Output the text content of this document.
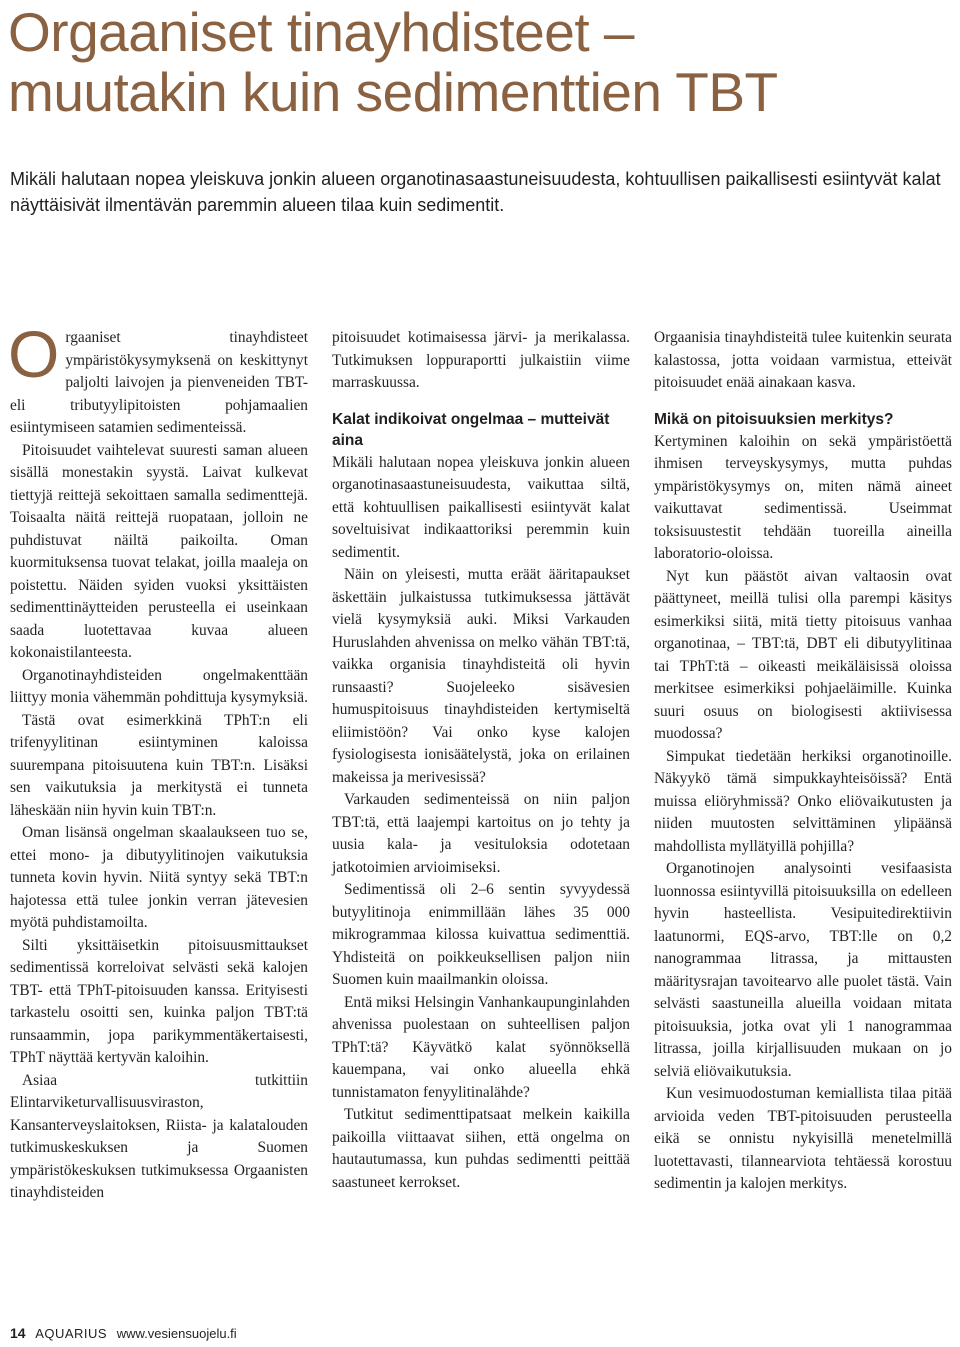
Orgaaniset tinayhdisteet –
muutakin kuin sedimenttien TBT

Mikäli halutaan nopea yleiskuva jonkin alueen organotinasaastuneisuudesta, kohtuullisen paikallisesti esiintyvät kalat näyttäisivät ilmentävän paremmin alueen tilaa kuin sedimentit.

Orgaaniset tinayhdisteet ympäristökysymyksenä on keskittynyt paljolti laivojen ja pienveneiden TBT- eli tributyylipitoisten pohjamaalien esiintymiseen satamien sedimenteissä.

Pitoisuudet vaihtelevat suuresti saman alueen sisällä monestakin syystä. Laivat kulkevat tiettyjä reittejä sekoittaen samalla sedimenttejä. Toisaalta näitä reittejä ruopataan, jolloin ne puhdistuvat näiltä paikoilta. Oman kuormituksensa tuovat telakat, joilla maaleja on poistettu. Näiden syiden vuoksi yksittäisten sedimenttinäytteiden perusteella ei useinkaan saada luotettavaa kuvaa alueen kokonaistilanteesta.

Organotinayhdisteiden ongelmakenttään liittyy monia vähemmän pohdittuja kysymyksiä.

Tästä ovat esimerkkinä TPhT:n eli trifenyylitinan esiintyminen kaloissa suurempana pitoisuutena kuin TBT:n. Lisäksi sen vaikutuksia ja merkitystä ei tunneta läheskään niin hyvin kuin TBT:n.

Oman lisänsä ongelman skaalaukseen tuo se, ettei mono- ja dibutyylitinojen vaikutuksia tunneta kovin hyvin. Niitä syntyy sekä TBT:n hajotessa että tulee jonkin verran jätevesien myötä puhdistamoilta.

Silti yksittäisetkin pitoisuusmittaukset sedimentissä korreloivat selvästi sekä kalojen TBT- että TPhT-pitoisuuden kanssa. Erityisesti tarkastelu osoitti sen, kuinka paljon TBT:tä runsaammin, jopa parikymmentäkertaisesti, TPhT näyttää kertyvän kaloihin.

Asiaa tutkittiin Elintarviketurvallisuusviraston, Kansanterveyslaitoksen, Riista- ja kalatalouden tutkimuskeskuksen ja Suomen ympäristökeskuksen tutkimuksessa Orgaanisten tinayhdisteiden

pitoisuudet kotimaisessa järvi- ja merikalassa. Tutkimuksen loppuraportti julkaistiin viime marraskuussa.

Kalat indikoivat ongelmaa – mutteivät aina

Mikäli halutaan nopea yleiskuva jonkin alueen organotinasaastuneisuudesta, vaikuttaa siltä, että kohtuullisen paikallisesti esiintyvät kalat soveltuisivat indikaattoriksi peremmin kuin sedimentit.

Näin on yleisesti, mutta eräät ääritapaukset äskettäin julkaistussa tutkimuksessa jättävät vielä kysymyksiä auki. Miksi Varkauden Huruslahden ahvenissa on melko vähän TBT:tä, vaikka organisia tinayhdisteitä oli hyvin runsaasti? Suojeleeko sisävesien humuspitoisuus tinayhdisteiden kertymiseltä eliimistöön? Vai onko kyse kalojen fysiologisesta ionisäätelystä, joka on erilainen makeissa ja merivesissä?

Varkauden sedimenteissä on niin paljon TBT:tä, että laajempi kartoitus on jo tehty ja uusia kala- ja vesituloksia odotetaan jatkotoimien arvioimiseksi.

Sedimentissä oli 2–6 sentin syvyydessä butyylitinoja enimmillään lähes 35 000 mikrogrammaa kilossa kuivattua sedimenttiä. Yhdisteitä on poikkeuksellisen paljon niin Suomen kuin maailmankin oloissa.

Entä miksi Helsingin Vanhankaupunginlahden ahvenissa puolestaan on suhteellisen paljon TPhT:tä? Käyvätkö kalat syönnöksellä kauempana, vai onko alueella ehkä tunnistamaton fenyylitinalähde?

Tutkitut sedimenttipatsaat melkein kaikilla paikoilla viittaavat siihen, että ongelma on hautautumassa, kun puhdas sedimentti peittää saastuneet kerrokset.

Orgaanisia tinayhdisteitä tulee kuitenkin seurata kalastossa, jotta voidaan varmistua, etteivät pitoisuudet enää ainakaan kasva.

Mikä on pitoisuuksien merkitys?

Kertyminen kaloihin on sekä ympäristöettä ihmisen terveyskysymys, mutta puhdas ympäristökysymys on, miten nämä aineet vaikuttavat sedimentissä. Useimmat toksisuustestit tehdään tuoreilla aineilla laboratorio-oloissa.

Nyt kun päästöt aivan valtaosin ovat päättyneet, meillä tulisi olla parempi käsitys esimerkiksi siitä, mitä tietty pitoisuus vanhaa organotinaa, – TBT:tä, DBT eli dibutyylitinaa tai TPhT:tä – oikeasti meikäläisissä oloissa merkitsee esimerkiksi pohjaeläimille. Kuinka suuri osuus on biologisesti aktiivisessa muodossa?

Simpukat tiedetään herkiksi organotinoille. Näkyykö tämä simpukkayhteisöissä? Entä muissa eliöryhmissä? Onko eliövaikutusten ja niiden muutosten selvittäminen ylipäänsä mahdollista myllätyillä pohjilla?

Organotinojen analysointi vesifaasista luonnossa esiintyvillä pitoisuuksilla on edelleen hyvin hasteellista. Vesipuitedirektiivin laatunormi, EQS-arvo, TBT:lle on 0,2 nanogrammaa litrassa, ja mittausten määritysrajan tavoitearvo alle puolet tästä. Vain selvästi saastuneilla alueilla voidaan mitata pitoisuuksia, jotka ovat yli 1 nanogrammaa litrassa, joilla kirjallisuuden mukaan on jo selviä eliövaikutuksia.

Kun vesimuodostuman kemiallista tilaa pitää arvioida veden TBT-pitoisuuden perusteella eikä se onnistu nykyisillä menetelmillä luotettavasti, tilannearviota tehtäessä korostuu sedimentin ja kalojen merkitys.

14 AQUARIUS www.vesiensuojelu.fi
